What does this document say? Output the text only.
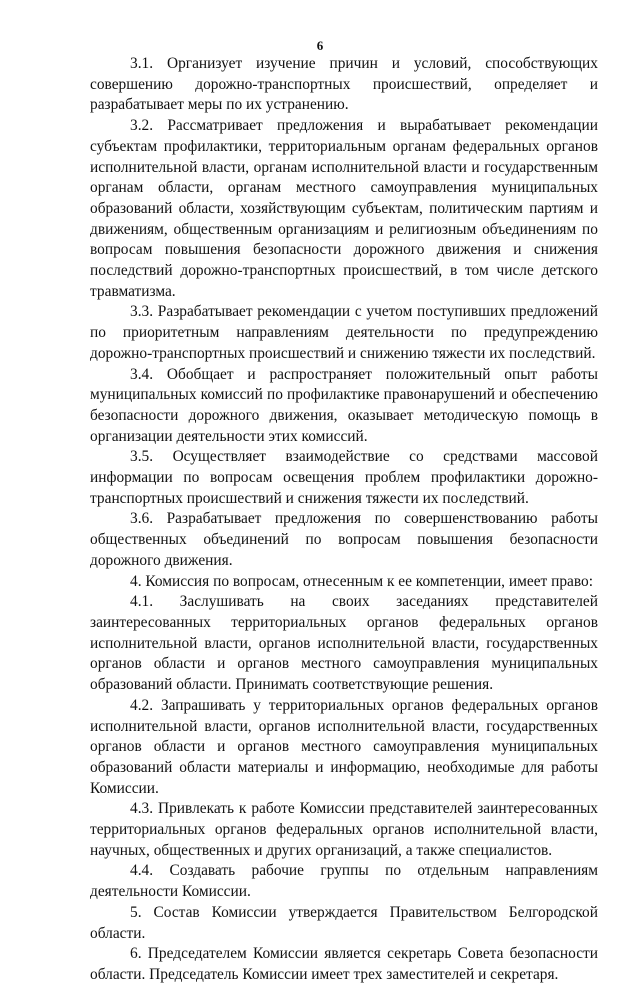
6

3.1. Организует изучение причин и условий, способствующих совершению дорожно-транспортных происшествий, определяет и разрабатывает меры по их устранению.

3.2. Рассматривает предложения и вырабатывает рекомендации субъектам профилактики, территориальным органам федеральных органов исполнительной власти, органам исполнительной власти и государственным органам области, органам местного самоуправления муниципальных образований области, хозяйствующим субъектам, политическим партиям и движениям, общественным организациям и религиозным объединениям по вопросам повышения безопасности дорожного движения и снижения последствий дорожно-транспортных происшествий, в том числе детского травматизма.

3.3. Разрабатывает рекомендации с учетом поступивших предложений по приоритетным направлениям деятельности по предупреждению дорожно-транспортных происшествий и снижению тяжести их последствий.

3.4. Обобщает и распространяет положительный опыт работы муниципальных комиссий по профилактике правонарушений и обеспечению безопасности дорожного движения, оказывает методическую помощь в организации деятельности этих комиссий.

3.5. Осуществляет взаимодействие со средствами массовой информации по вопросам освещения проблем профилактики дорожно-транспортных происшествий и снижения тяжести их последствий.

3.6. Разрабатывает предложения по совершенствованию работы общественных объединений по вопросам повышения безопасности дорожного движения.

4. Комиссия по вопросам, отнесенным к ее компетенции, имеет право:

4.1. Заслушивать на своих заседаниях представителей заинтересованных территориальных органов федеральных органов исполнительной власти, органов исполнительной власти, государственных органов области и органов местного самоуправления муниципальных образований области. Принимать соответствующие решения.

4.2. Запрашивать у территориальных органов федеральных органов исполнительной власти, органов исполнительной власти, государственных органов области и органов местного самоуправления муниципальных образований области материалы и информацию, необходимые для работы Комиссии.

4.3. Привлекать к работе Комиссии представителей заинтересованных территориальных органов федеральных органов исполнительной власти, научных, общественных и других организаций, а также специалистов.

4.4. Создавать рабочие группы по отдельным направлениям деятельности Комиссии.

5. Состав Комиссии утверждается Правительством Белгородской области.

6. Председателем Комиссии является секретарь Совета безопасности области. Председатель Комиссии имеет трех заместителей и секретаря.
